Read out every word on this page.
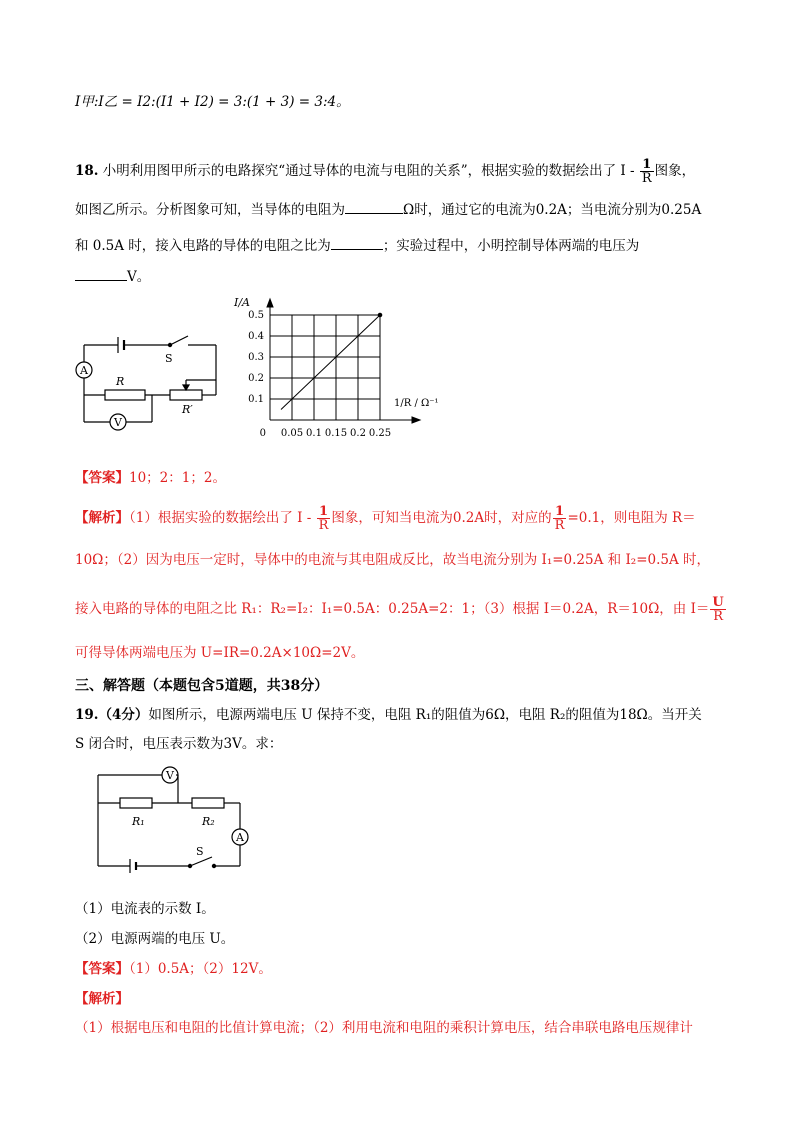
I甲:I乙 = I2:(I1 + I2) = 3:(1 + 3) = 3:4。
18. 小明利用图甲所示的电路探究“通过导体的电流与电阻的关系”，根据实验的数据绘出了 I - $\frac{1}{R}$ 图象，
如图乙所示。分析图象可知，当导体的电阻为	Ω时，通过它的电流为0.2A；当电流分别为0.25A
和 0.5A 时，接入电路的导体的电阻之比为	；实验过程中，小明控制导体两端的电压为
V。
A
V
S
R
R′
0 0.05 0.1 0.15 0.2 0.25
0.1
0.2
0.3
0.4
0.5
I/A
1/R / Ω⁻¹
【答案】10；2：1；2。
【解析】（1）根据实验的数据绘出了 I - $\frac{1}{R}$ 图象，可知当电流为0.2A时，对应的 $\frac{1}{R} =0.1$，则电阻为 R＝
10Ω；（2）因为电压一定时，导体中的电流与其电阻成反比，故当电流分别为 I₁=0.25A 和 I₂=0.5A 时，
接入电路的导体的电阻之比 R₁：R₂=I₂：I₁=0.5A：0.25A=2：1；（3）根据 I＝0.2A，R＝10Ω，由 $I= \frac{U}{R}$
可得导体两端电压为 U=IR=0.2A×10Ω=2V。
三、解答题（本题包含5道题，共38分）
19.（4分）如图所示，电源两端电压 U 保持不变，电阻 R₁的阻值为6Ω，电阻 R₂的阻值为18Ω。当开关
S 闭合时，电压表示数为3V。求：
V
A
R₁	R₂
S
（1）电流表的示数 I。
（2）电源两端的电压 U。
【答案】（1）0.5A；（2）12V。
【解析】
（1）根据电压和电阻的比值计算电流；（2）利用电流和电阻的乘积计算电压，结合串联电路电压规律计
